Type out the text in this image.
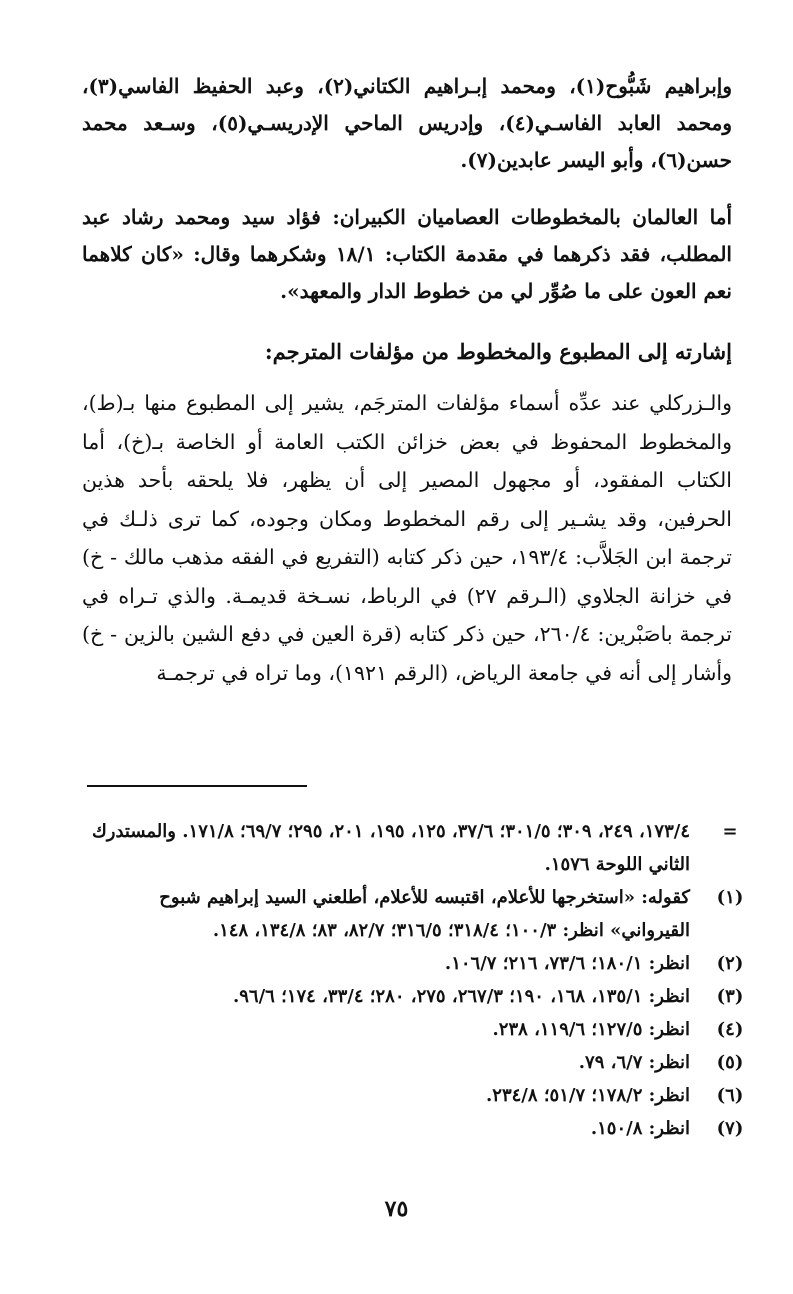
وإبراهيم شَبُّوح(١)، ومحمد إبـراهيم الكتاني(٢)، وعبد الحفيظ الفاسي(٣)، ومحمد العابد الفاسـي(٤)، وإدريس الماحي الإدريسـي(٥)، وسـعد محمد حسن(٦)، وأبو اليسر عابدين(٧).

أما العالمان بالمخطوطات العصاميان الكبيران: فؤاد سيد ومحمد رشاد عبد المطلب، فقد ذكرهما في مقدمة الكتاب: ١٨/١ وشكرهما وقال: «كان كلاهما نعم العون على ما صُوِّر لي من خطوط الدار والمعهد».

إشارته إلى المطبوع والمخطوط من مؤلفات المترجم:

والـزركلي عند عدِّه أسماء مؤلفات المترجَم، يشير إلى المطبوع منها بـ(ط)، والمخطوط المحفوظ في بعض خزائن الكتب العامة أو الخاصة بـ(خ)، أما الكتاب المفقود، أو مجهول المصير إلى أن يظهر، فلا يلحقه بأحد هذين الحرفين، وقد يشـير إلى رقم المخطوط ومكان وجوده، كما ترى ذلـك في ترجمة ابن الجَلاَّب: ١٩٣/٤، حين ذكر كتابه (التفريع في الفقه مذهب مالك - خ) في خزانة الجلاوي (الـرقم ٢٧) في الرباط، نسـخة قديمـة. والذي تـراه في ترجمة باصَبْرين: ٢٦٠/٤، حين ذكر كتابه (قرة العين في دفع الشين بالزين - خ) وأشار إلى أنه في جامعة الرياض، (الرقم ١٩٢١)، وما تراه في ترجمـة

=
١٧٣/٤، ٢٤٩، ٣٠٩؛ ٣٠١/٥؛ ٣٧/٦، ١٢٥، ١٩٥، ٢٠١، ٢٩٥؛ ٦٩/٧؛ ١٧١/٨. والمستدرك الثاني اللوحة ١٥٧٦.

(١)
كقوله: «استخرجها للأعلام، اقتبسه للأعلام، أطلعني السيد إبراهيم شبوح القيرواني» انظر: ١٠٠/٣؛ ٣١٨/٤؛ ٣١٦/٥؛ ٨٢/٧، ٨٣؛ ١٣٤/٨، ١٤٨.

(٢)
انظر: ١٨٠/١؛ ٧٣/٦، ٢١٦؛ ١٠٦/٧.

(٣)
انظر: ١٣٥/١، ١٦٨، ١٩٠؛ ٢٦٧/٣، ٢٧٥، ٢٨٠؛ ٣٣/٤، ١٧٤؛ ٩٦/٦.

(٤)
انظر: ١٢٧/٥؛ ١١٩/٦، ٢٣٨.

(٥)
انظر: ٦/٧، ٧٩.

(٦)
انظر: ١٧٨/٢؛ ٥١/٧؛ ٢٣٤/٨.

(٧)
انظر: ١٥٠/٨.

٧٥
